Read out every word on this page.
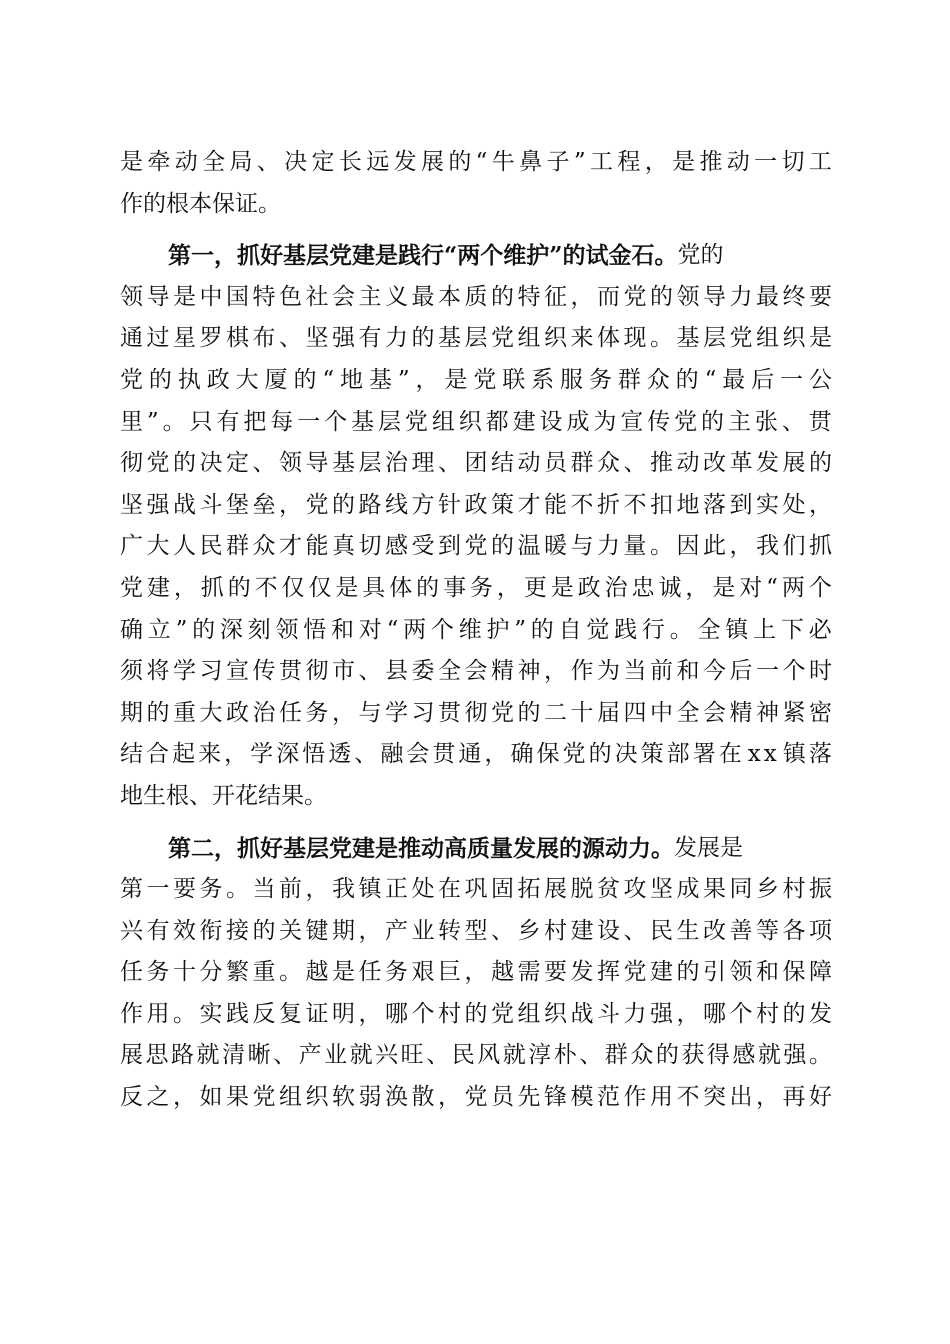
是 牵 动 全 局 、 决 定 长 远 发 展 的 “ 牛 鼻 子 ” 工 程 ， 是 推 动 一 切 工
作的根本保证。
第一，抓好基层党建是践行“两个维护”的试金石。 党的
领 导 是 中 国 特 色 社 会 主 义 最 本 质 的 特 征 ， 而 党 的 领 导 力 最 终 要
通 过 星 罗 棋 布 、 坚 强 有 力 的 基 层 党 组 织 来 体 现 。 基 层 党 组 织 是
党 的 执 政 大 厦 的 “ 地 基 ” ， 是 党 联 系 服 务 群 众 的 “ 最 后 一 公
里 ” 。 只 有 把 每 一 个 基 层 党 组 织 都 建 设 成 为 宣 传 党 的 主 张 、 贯
彻 党 的 决 定 、 领 导 基 层 治 理 、 团 结 动 员 群 众 、 推 动 改 革 发 展 的
坚 强 战 斗 堡 垒 ， 党 的 路 线 方 针 政 策 才 能 不 折 不 扣 地 落 到 实 处 ，
广 大 人 民 群 众 才 能 真 切 感 受 到 党 的 温 暖 与 力 量 。 因 此 ， 我 们 抓
党 建 ， 抓 的 不 仅 仅 是 具 体 的 事 务 ， 更 是 政 治 忠 诚 ， 是 对 “ 两 个
确 立 ” 的 深 刻 领 悟 和 对 “ 两 个 维 护 ” 的 自 觉 践 行 。 全 镇 上 下 必
须 将 学 习 宣 传 贯 彻 市 、 县 委 全 会 精 神 ， 作 为 当 前 和 今 后 一 个 时
期 的 重 大 政 治 任 务 ， 与 学 习 贯 彻 党 的 二 十 届 四 中 全 会 精 神 紧 密
结 合 起 来 ， 学 深 悟 透 、 融 会 贯 通 ， 确 保 党 的 决 策 部 署 在 x x 镇 落
地生根、开花结果。
第二，抓好基层党建是推动高质量发展的源动力。 发展是
第 一 要 务 。 当 前 ， 我 镇 正 处 在 巩 固 拓 展 脱 贫 攻 坚 成 果 同 乡 村 振
兴 有 效 衔 接 的 关 键 期 ， 产 业 转 型 、 乡 村 建 设 、 民 生 改 善 等 各 项
任 务 十 分 繁 重 。 越 是 任 务 艰 巨 ， 越 需 要 发 挥 党 建 的 引 领 和 保 障
作 用 。 实 践 反 复 证 明 ， 哪 个 村 的 党 组 织 战 斗 力 强 ， 哪 个 村 的 发
展 思 路 就 清 晰 、 产 业 就 兴 旺 、 民 风 就 淳 朴 、 群 众 的 获 得 感 就 强 。
反 之 ， 如 果 党 组 织 软 弱 涣 散 ， 党 员 先 锋 模 范 作 用 不 突 出 ， 再 好
